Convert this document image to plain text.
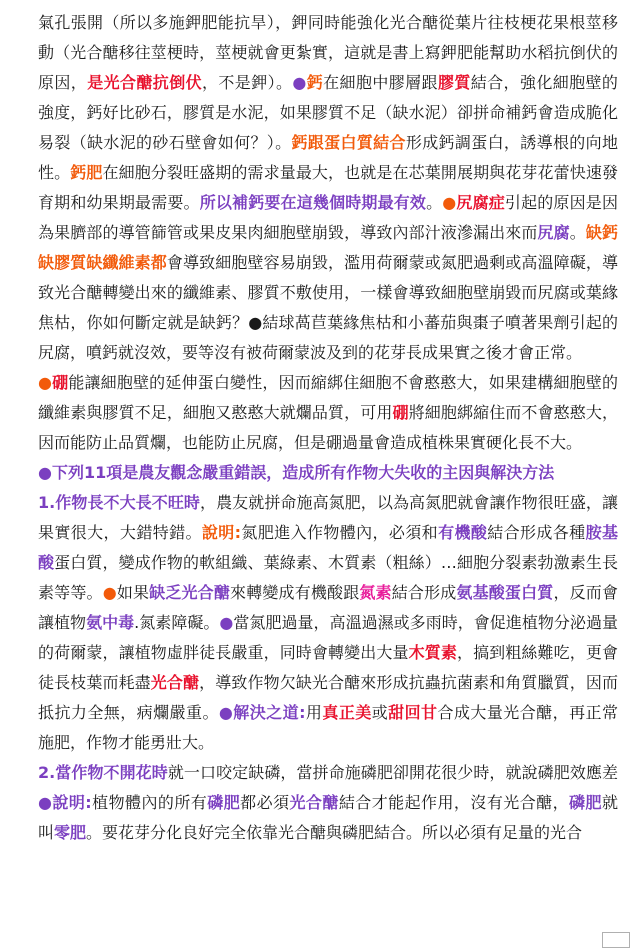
氣孔張開（所以多施鉀肥能抗旱），鉀同時能強化光合醣從葉片往枝梗花果根莖移動（光合醣移往莖梗時，莖梗就會更紮實，這就是書上寫鉀肥能幫助水稻抗倒伏的原因，是光合醣抗倒伏，不是鉀）。●鈣在細胞中膠層跟膠質結合，強化細胞壁的強度，鈣好比砂石，膠質是水泥，如果膠質不足（缺水泥）卻拼命補鈣會造成脆化易裂（缺水泥的砂石壁會如何？）。鈣跟蛋白質結合形成鈣調蛋白，誘導根的向地性。鈣肥在細胞分裂旺盛期的需求量最大，也就是在芯葉開展期與花芽花蕾快速發育期和幼果期最需要。所以補鈣要在這幾個時期最有效。●尻腐症引起的原因是因為果臍部的導管篩管或果皮果肉細胞壁崩毀，導致內部汁液滲漏出來而尻腐。缺鈣缺膠質缺纖維素都會導致細胞壁容易崩毀，濫用荷爾蒙或氮肥過剩或高溫障礙，導致光合醣轉變出來的纖維素、膠質不敷使用，一樣會導致細胞壁崩毀而尻腐或葉緣焦枯，你如何斷定就是缺鈣？●結球萵苣葉緣焦枯和小蕃茄與棗子噴著果劑引起的尻腐，噴鈣就沒效，要等沒有被荷爾蒙波及到的花芽長成果實之後才會正常。

●硼能讓細胞壁的延伸蛋白變性，因而縮綁住細胞不會憨憨大，如果建構細胞壁的纖維素與膠質不足，細胞又憨憨大就爛品質，可用硼將細胞綁縮住而不會憨憨大，因而能防止品質爛，也能防止尻腐，但是硼過量會造成植株果實硬化長不大。

●下列11項是農友觀念嚴重錯誤，造成所有作物大失收的主因與解決方法

1.作物長不大長不旺時，農友就拼命施高氮肥，以為高氮肥就會讓作物很旺盛，讓果實很大，大錯特錯。說明:氮肥進入作物體內，必須和有機酸結合形成各種胺基酸蛋白質，變成作物的軟組織、葉綠素、木質素（粗絲）…細胞分裂素勃激素生長素等等。●如果缺乏光合醣來轉變成有機酸跟氮素結合形成氨基酸蛋白質，反而會讓植物氨中毒.氮素障礙。●當氮肥過量，高溫過濕或多雨時，會促進植物分泌過量的荷爾蒙，讓植物虛胖徒長嚴重，同時會轉變出大量木質素，搞到粗絲難吃，更會徒長枝葉而耗盡光合醣，導致作物欠缺光合醣來形成抗蟲抗菌素和角質臘質，因而抵抗力全無，病爛嚴重。●解決之道:用真正美或甜回甘合成大量光合醣，再正常施肥，作物才能勇壯大。

2.當作物不開花時就一口咬定缺磷，當拼命施磷肥卻開花很少時，就說磷肥效應差●說明:植物體內的所有磷肥都必須光合醣結合才能起作用，沒有光合醣，磷肥就叫零肥。要花芽分化良好完全依靠光合醣與磷肥結合。所以必須有足量的光合
